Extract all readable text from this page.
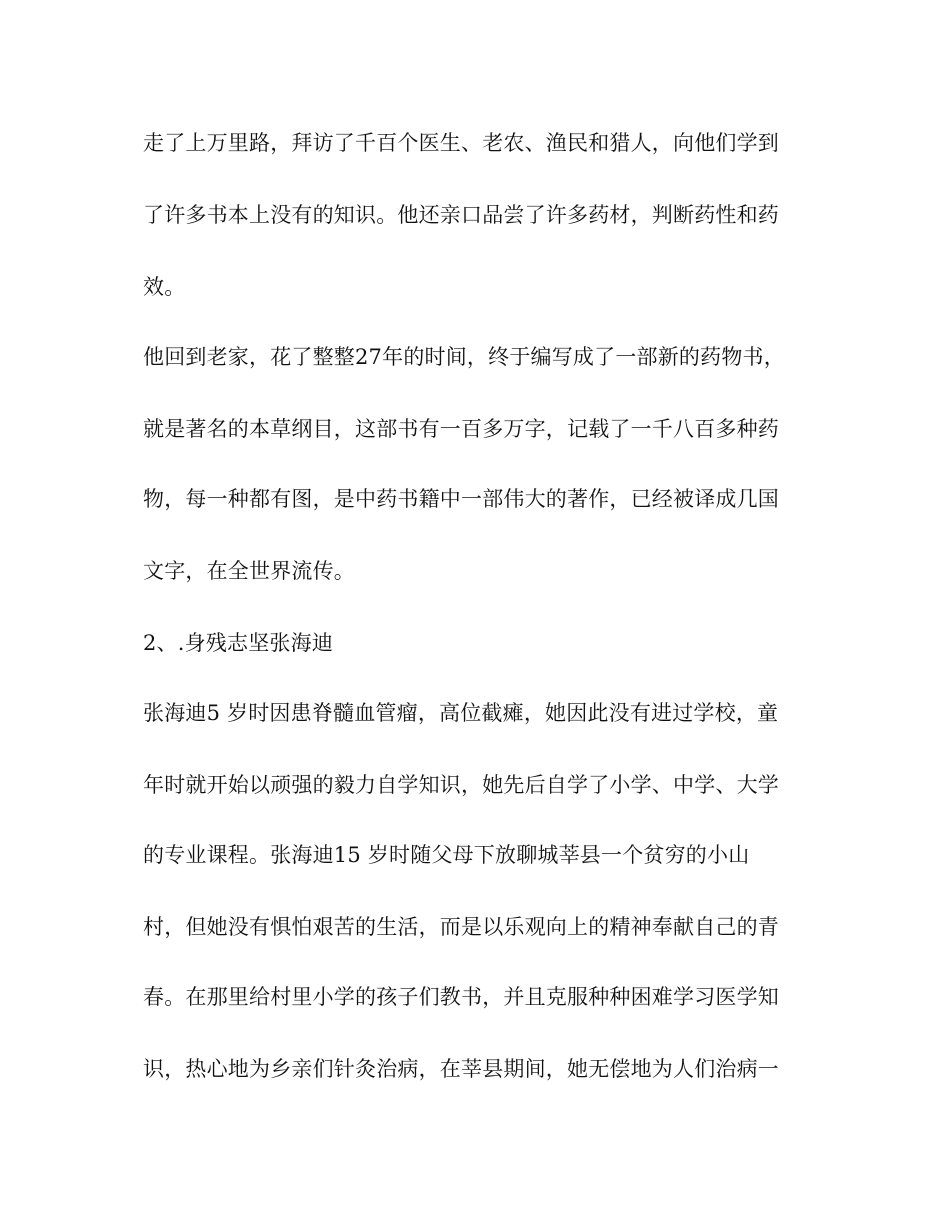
走了上万里路，拜访了千百个医生、老农、渔民和猎人，向他们学到

了许多书本上没有的知识。他还亲口品尝了许多药材，判断药性和药

效。

他回到老家，花了整整27年的时间，终于编写成了一部新的药物书，

就是著名的本草纲目，这部书有一百多万字，记载了一千八百多种药

物，每一种都有图，是中药书籍中一部伟大的著作，已经被译成几国

文字，在全世界流传。

2、.身残志坚张海迪

张海迪5 岁时因患脊髓血管瘤，高位截瘫，她因此没有进过学校，童

年时就开始以顽强的毅力自学知识，她先后自学了小学、中学、大学

的专业课程。张海迪15 岁时随父母下放聊城莘县一个贫穷的小山

村，但她没有惧怕艰苦的生活，而是以乐观向上的精神奉献自己的青

春。在那里给村里小学的孩子们教书，并且克服种种困难学习医学知

识，热心地为乡亲们针灸治病，在莘县期间，她无偿地为人们治病一
